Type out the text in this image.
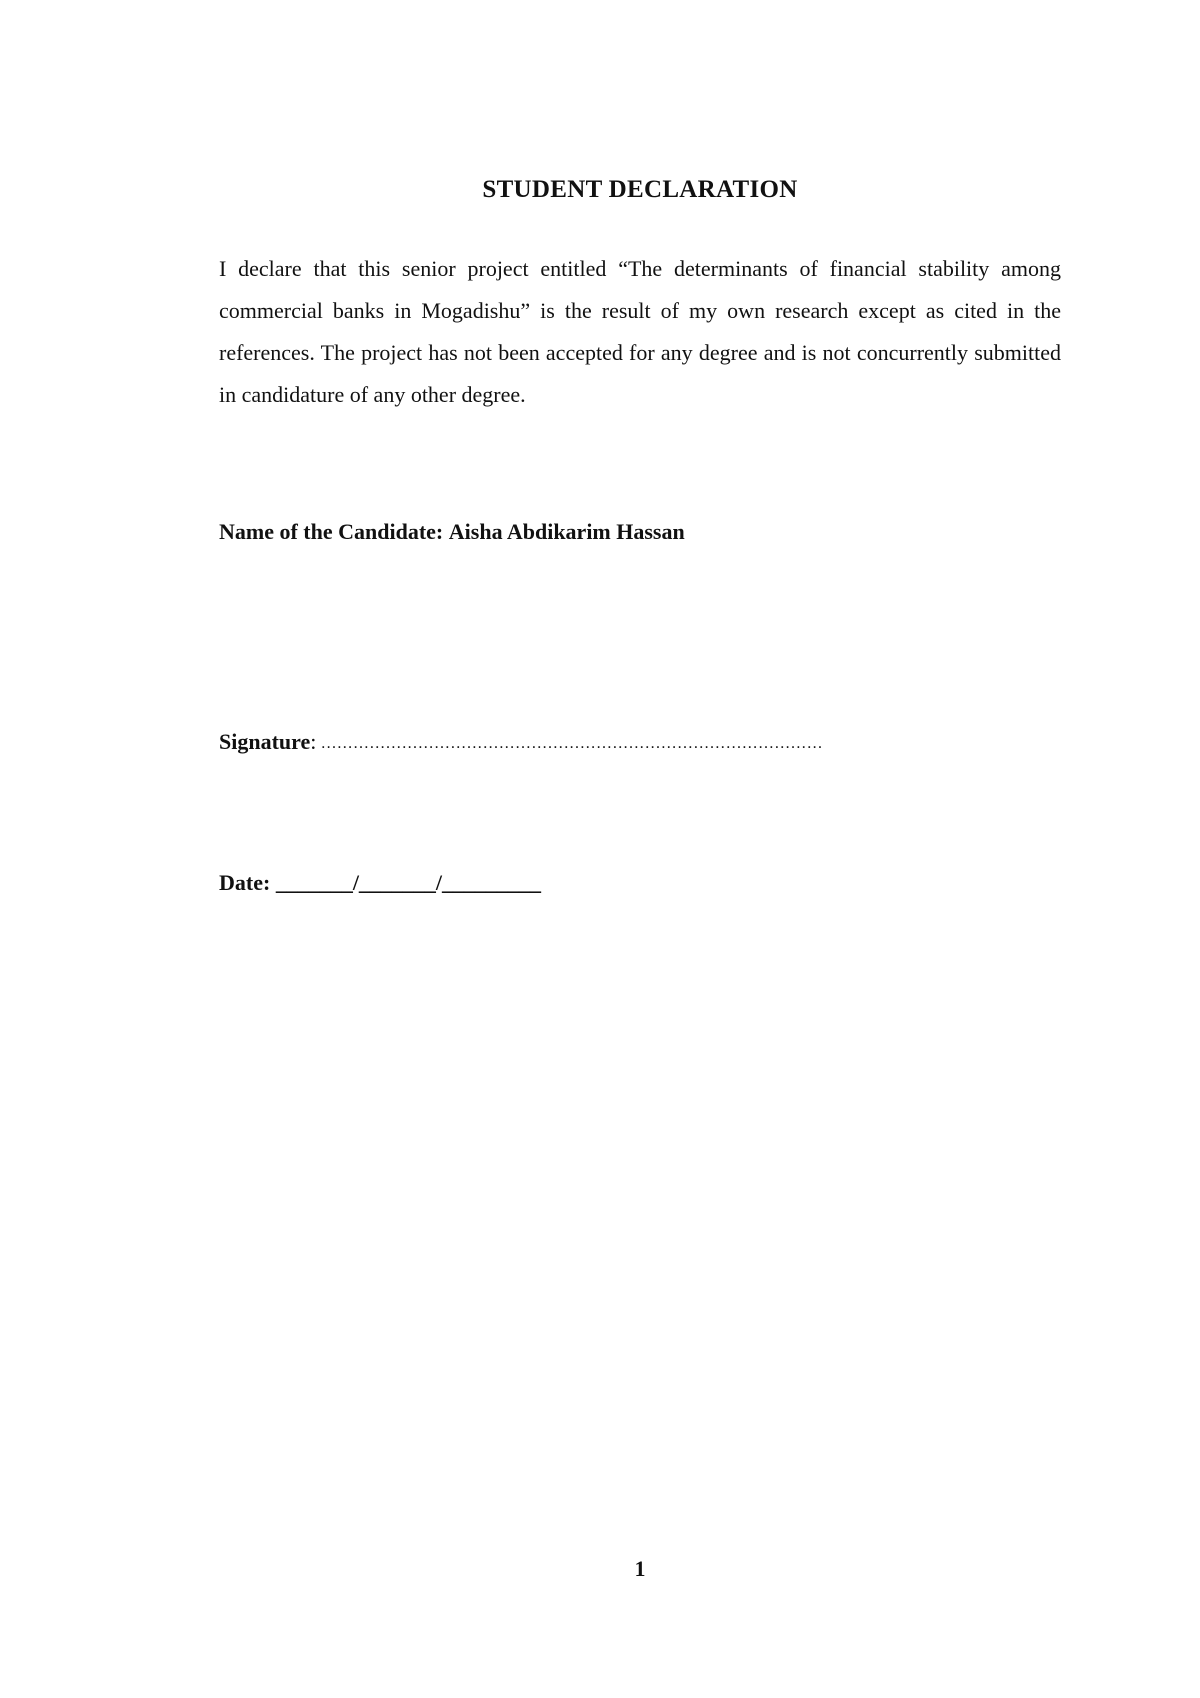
STUDENT DECLARATION

I declare that this senior project entitled “The determinants of financial stability among commercial banks in Mogadishu” is the result of my own research except as cited in the references. The project has not been accepted for any degree and is not concurrently submitted in candidature of any other degree.

Name of the Candidate: Aisha Abdikarim Hassan
Signature: …………………………………………………………………………………
Date: _______/_______/_________
1
